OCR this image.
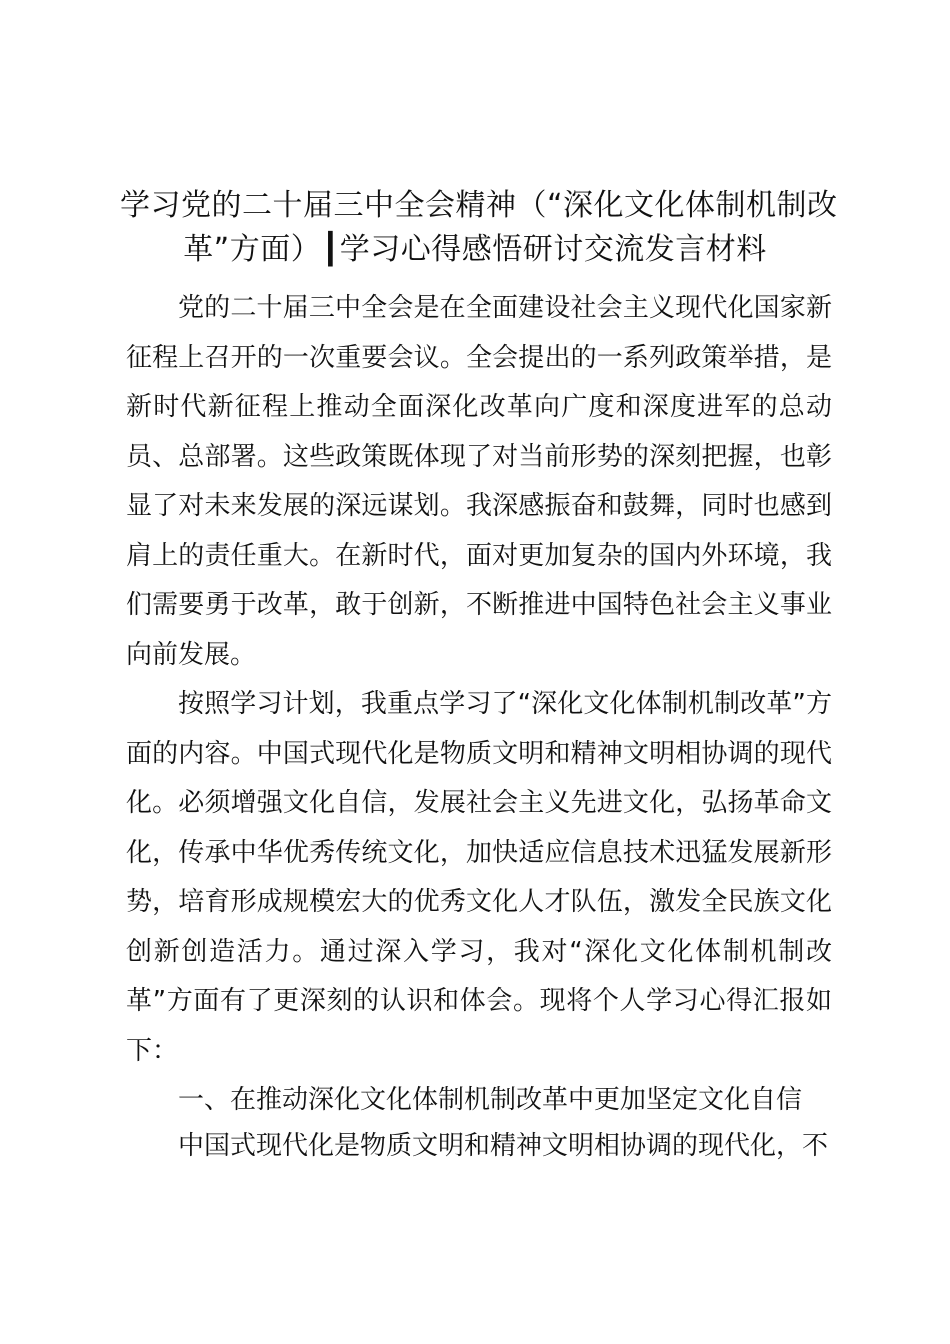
学习党的二十届三中全会精神（“深化文化体制机制改
革”方面）┃学习心得感悟研讨交流发言材料

党的二十届三中全会是在全面建设社会主义现代化国家新征程上召开的一次重要会议。全会提出的一系列政策举措，是新时代新征程上推动全面深化改革向广度和深度进军的总动员、总部署。这些政策既体现了对当前形势的深刻把握，也彰显了对未来发展的深远谋划。我深感振奋和鼓舞，同时也感到肩上的责任重大。在新时代，面对更加复杂的国内外环境，我们需要勇于改革，敢于创新，不断推进中国特色社会主义事业向前发展。

按照学习计划，我重点学习了“深化文化体制机制改革”方面的内容。中国式现代化是物质文明和精神文明相协调的现代化。必须增强文化自信，发展社会主义先进文化，弘扬革命文化，传承中华优秀传统文化，加快适应信息技术迅猛发展新形势，培育形成规模宏大的优秀文化人才队伍，激发全民族文化创新创造活力。通过深入学习，我对“深化文化体制机制改革”方面有了更深刻的认识和体会。现将个人学习心得汇报如下：

一、在推动深化文化体制机制改革中更加坚定文化自信

中国式现代化是物质文明和精神文明相协调的现代化，不
